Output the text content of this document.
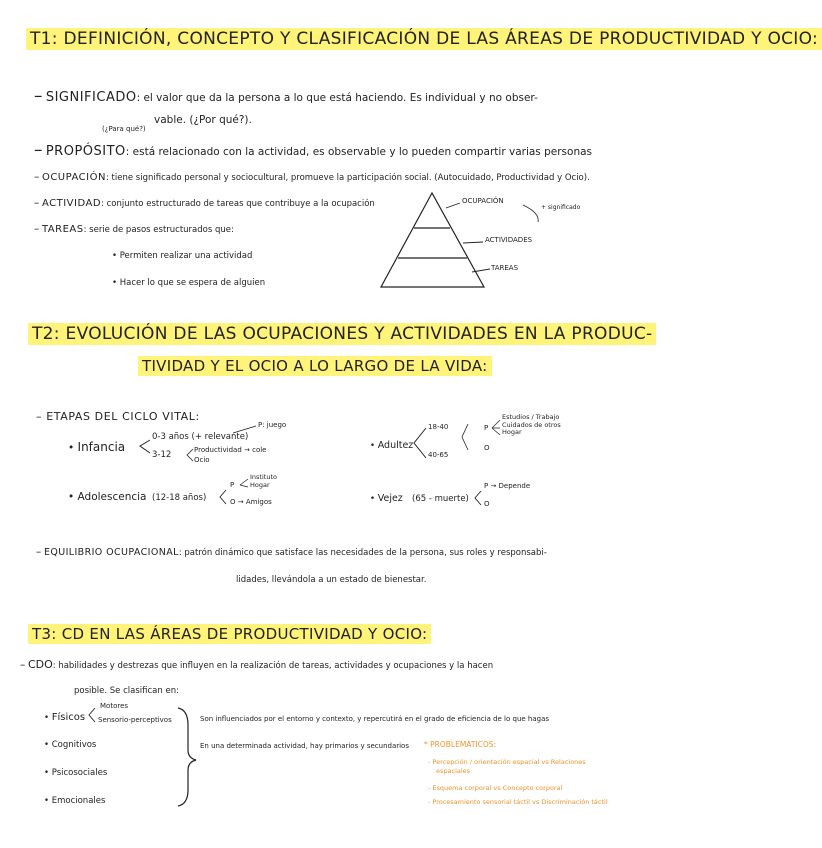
T1: DEFINICIÓN, CONCEPTO Y CLASIFICACIÓN DE LAS ÁREAS DE PRODUCTIVIDAD Y OCIO:
– SIGNIFICADO: el valor que da la persona a lo que está haciendo. Es individual y no obser-
vable. (¿Por qué?).
(¿Para qué?)
– PROPÓSITO: está relacionado con la actividad, es observable y lo pueden compartir varias personas
– OCUPACIÓN: tiene significado personal y sociocultural, promueve la participación social. (Autocuidado, Productividad y Ocio).
– ACTIVIDAD: conjunto estructurado de tareas que contribuye a la ocupación
– TAREAS: serie de pasos estructurados que:
• Permiten realizar una actividad
• Hacer lo que se espera de alguien
OCUPACIÓN
+ significado
ACTIVIDADES
TAREAS
T2: EVOLUCIÓN DE LAS OCUPACIONES Y ACTIVIDADES EN LA PRODUC-
TIVIDAD Y EL OCIO A LO LARGO DE LA VIDA:
– ETAPAS DEL CICLO VITAL:
• Infancia
0-3 años (+ relevante)
P: juego
3-12	Productividad → cole
Ocio
• Adultez
18-40
40-65
P
O
Estudios / Trabajo
Cuidados de otros
Hogar
• Adolescencia (12-18 años)
P
Instituto
Hogar
O → Amigos	• Vejez (65 - muerte)
P → Depende
O
– EQUILIBRIO OCUPACIONAL: patrón dinámico que satisface las necesidades de la persona, sus roles y responsabi-
lidades, llevándola a un estado de bienestar.
T3: CD EN LAS ÁREAS DE PRODUCTIVIDAD Y OCIO:
– CDO: habilidades y destrezas que influyen en la realización de tareas, actividades y ocupaciones y la hacen
posible. Se clasifican en:
• Físicos
Motores
Sensorio-perceptivos
• Cognitivos
• Psicosociales
• Emocionales
Son influenciados por el entorno y contexto, y repercutirá en el grado de eficiencia de lo que hagas
En una determinada actividad, hay primarios y secundarios * PROBLEMÁTICOS:
- Percepción / orientación espacial vs Relaciones
espaciales
- Esquema corporal vs Concepto corporal
- Procesamiento sensorial táctil vs Discriminación táctil
